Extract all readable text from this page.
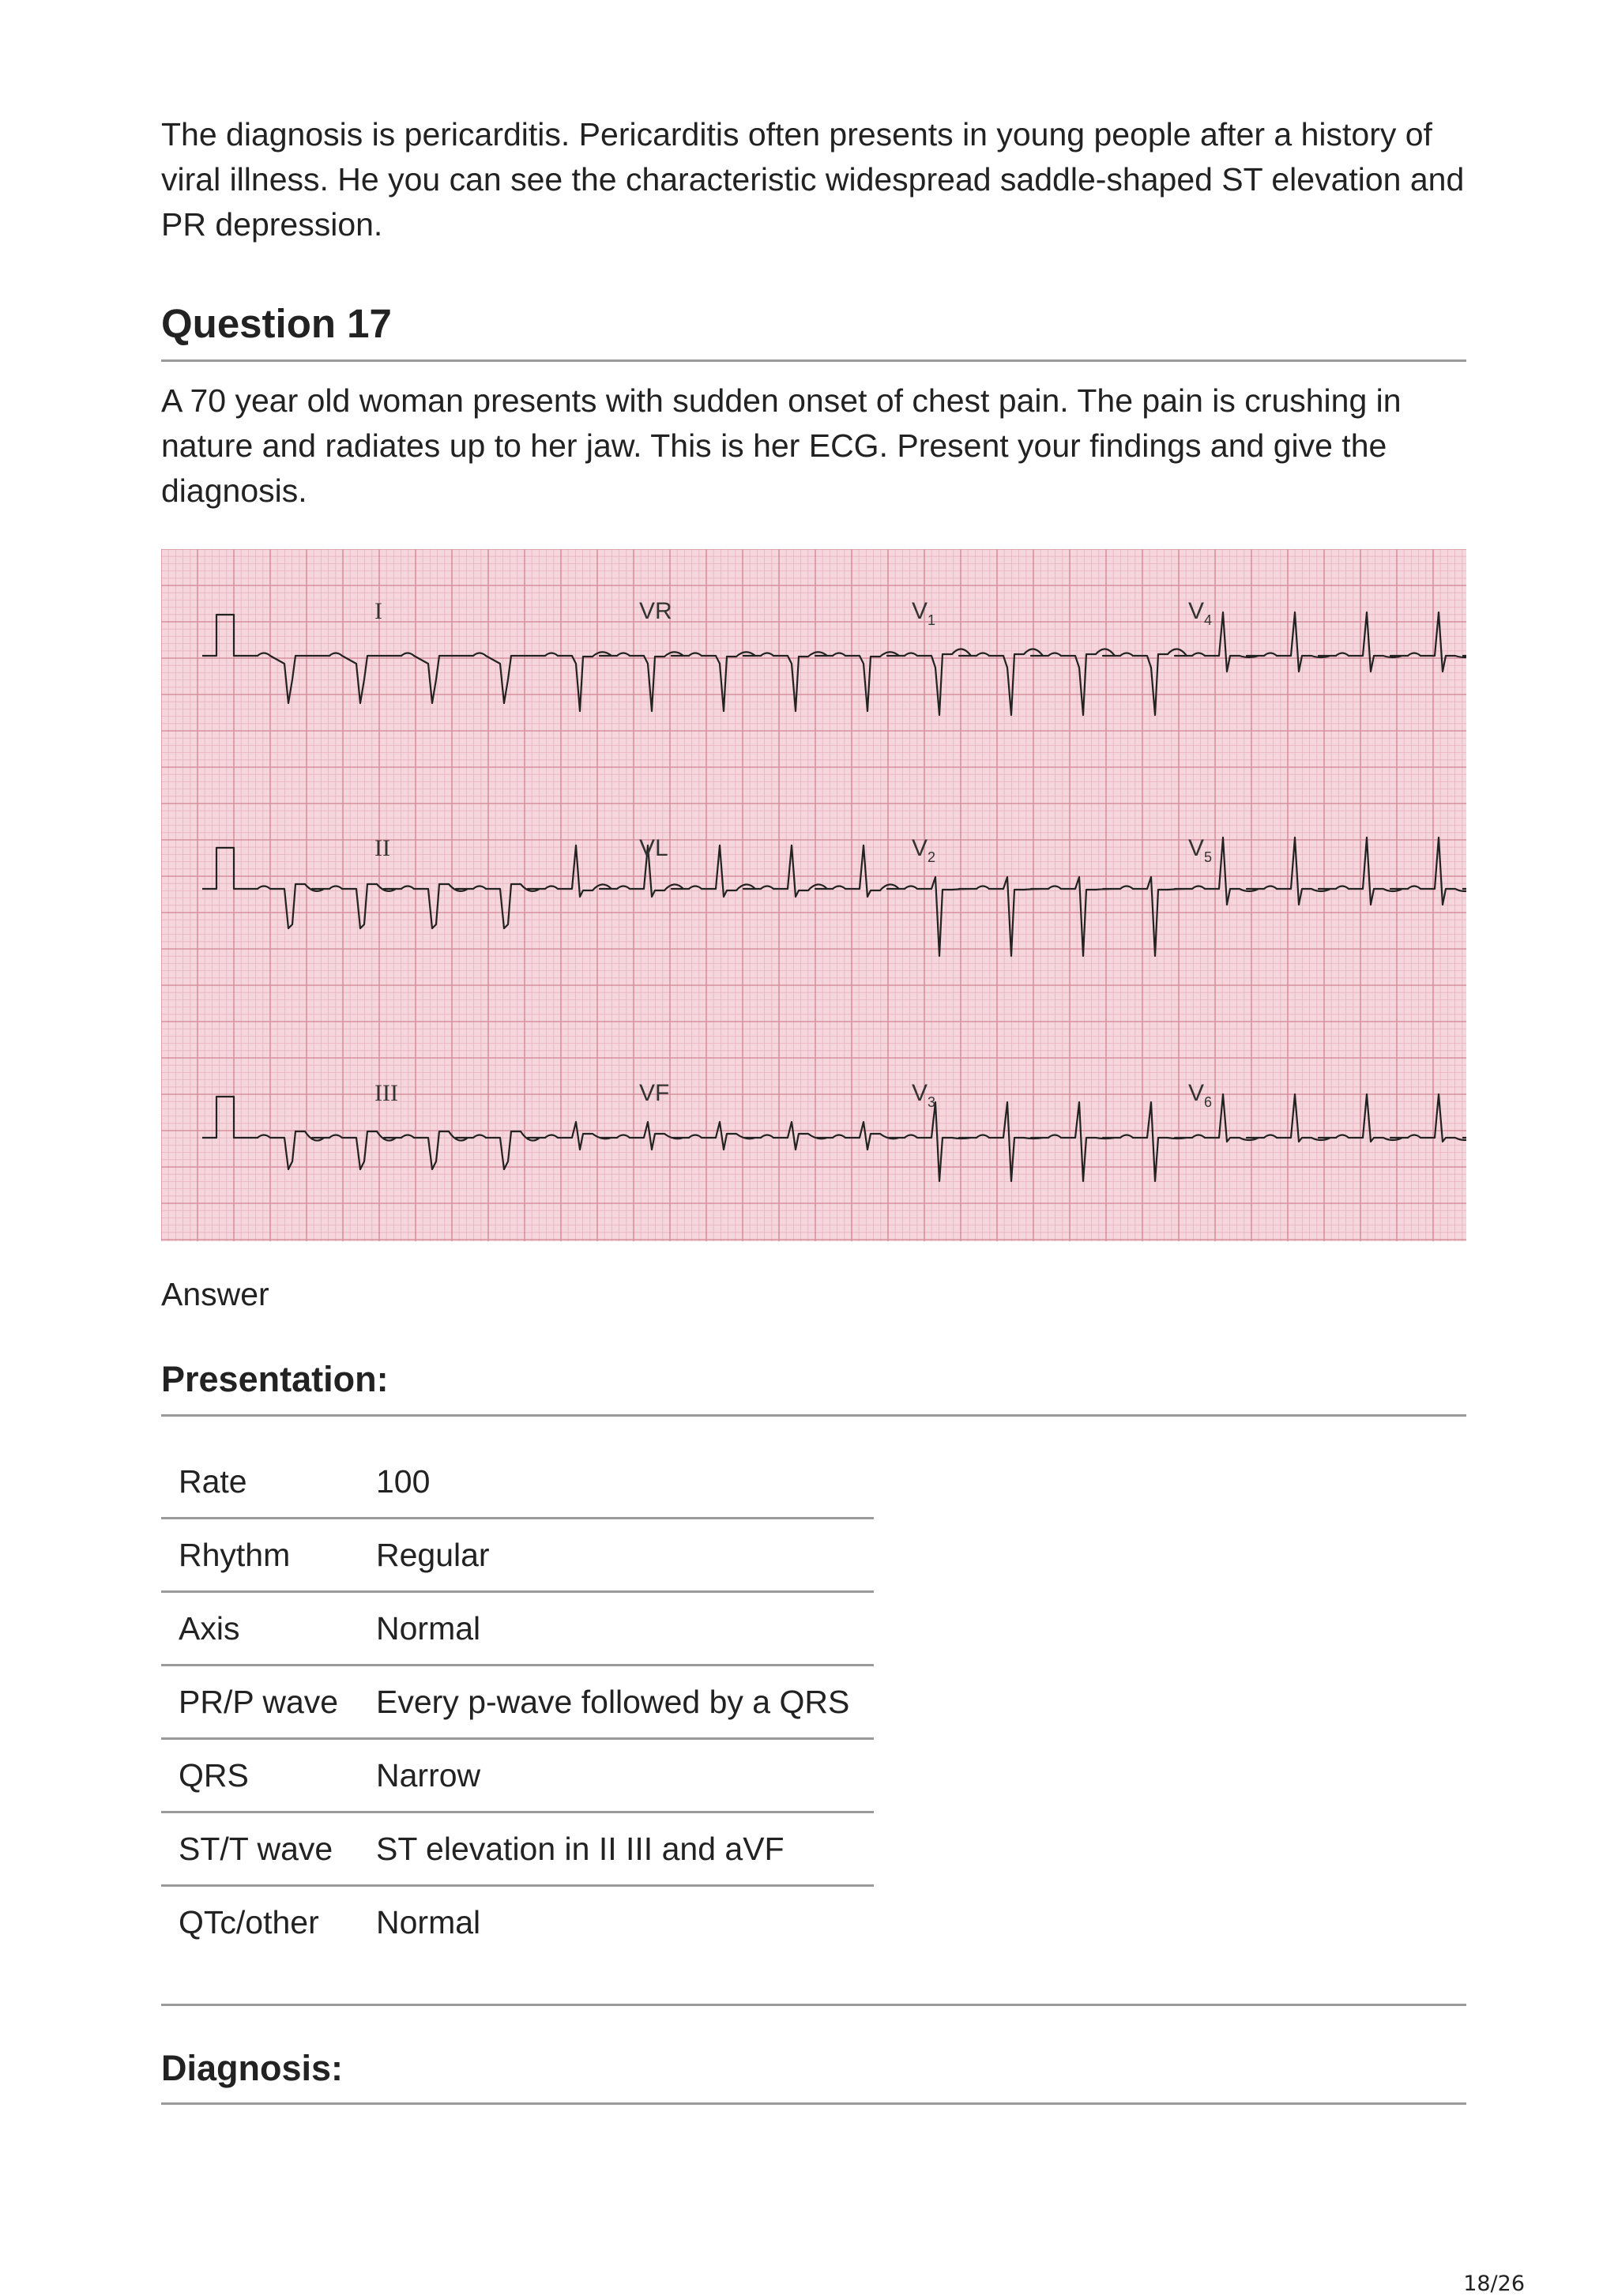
The diagnosis is pericarditis. Pericarditis often presents in young people after a history of viral illness. He you can see the characteristic widespread saddle-shaped ST elevation and PR depression.

Question 17

A 70 year old woman presents with sudden onset of chest pain. The pain is crushing in nature and radiates up to her jaw. This is her ECG. Present your findings and give the diagnosis.

I	VR	$V_1$	$V_4$
II	VL	$V_2$	$V_5$
III	VF	$V_3$	$V_6$
Answer
Presentation:
Rate	100
Rhythm	Regular
Axis	Normal
PR/P wave	Every p-wave followed by a QRS
QRS	Narrow
ST/T wave	ST elevation in II III and aVF
QTc/other	Normal
Diagnosis:
18/26
